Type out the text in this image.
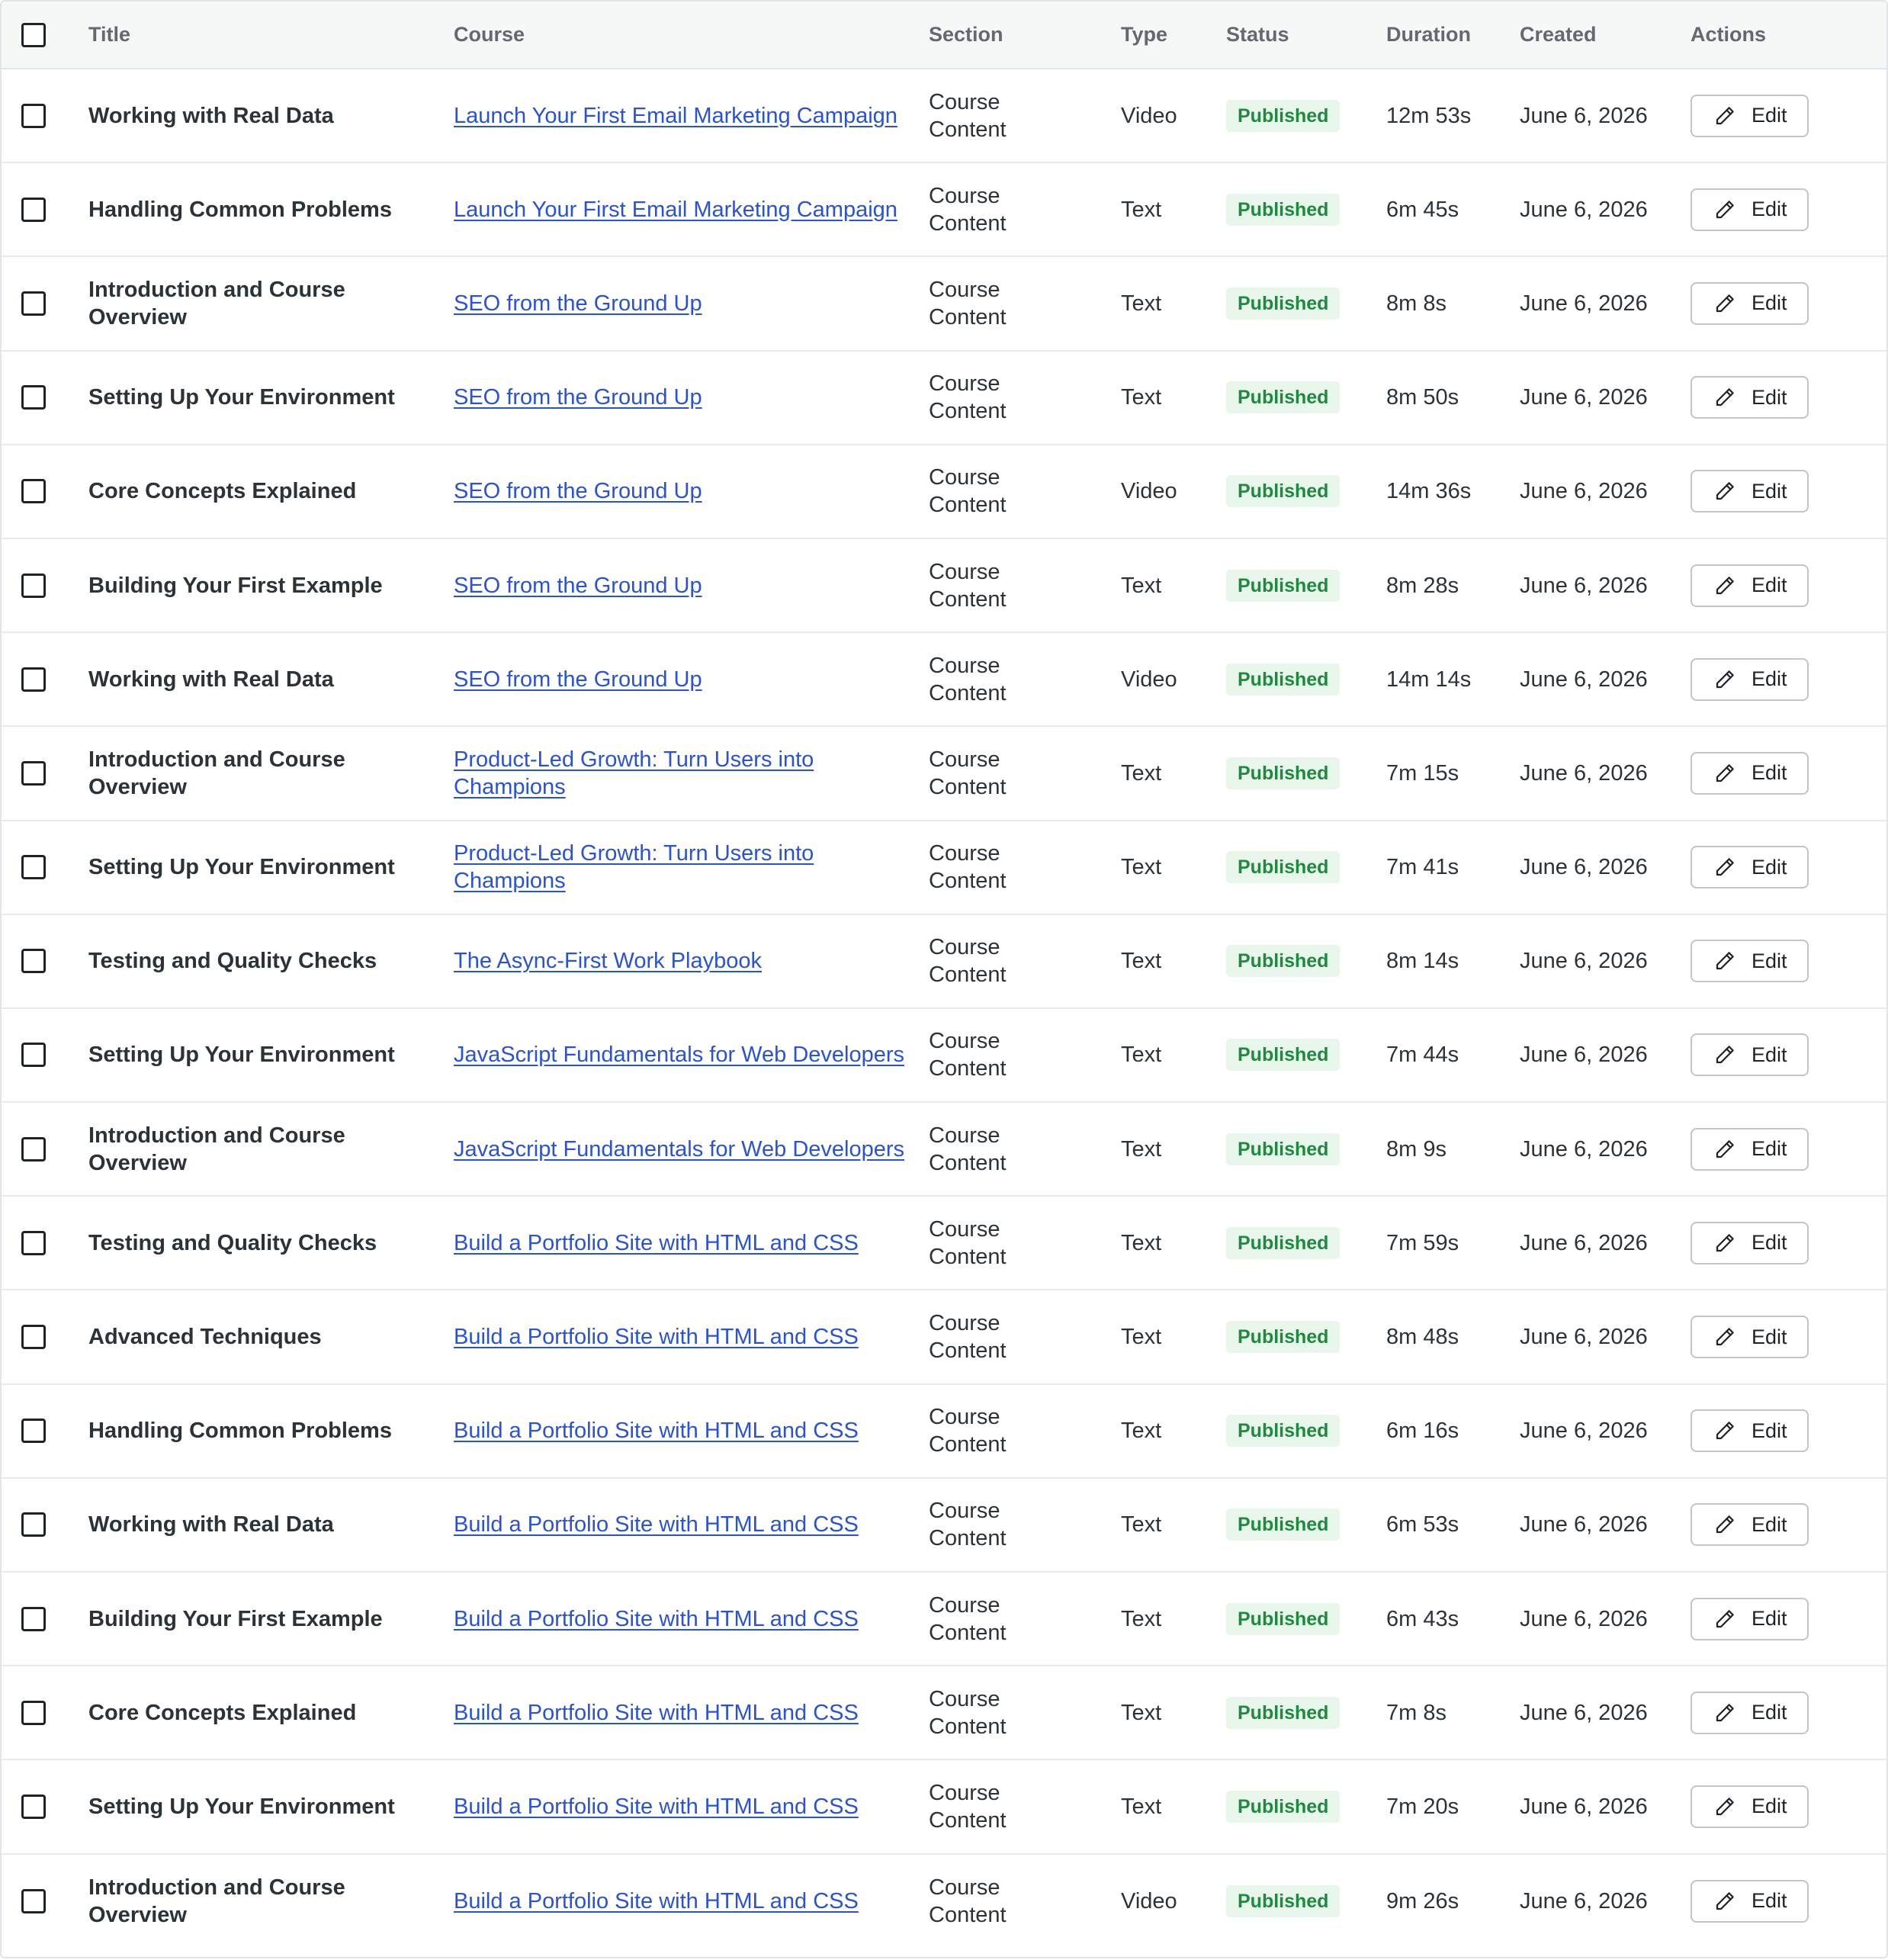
	Title	Course	Section	Type	Status	Duration	Created	Actions

	Working with Real Data	Launch Your First Email Marketing Campaign	Course Content	Video	Published	12m 53s	June 6, 2026	Edit

	Handling Common Problems	Launch Your First Email Marketing Campaign	Course Content	Text	Published	6m 45s	June 6, 2026	Edit

	Introduction and Course Overview	SEO from the Ground Up	Course Content	Text	Published	8m 8s	June 6, 2026	Edit

	Setting Up Your Environment	SEO from the Ground Up	Course Content	Text	Published	8m 50s	June 6, 2026	Edit

	Core Concepts Explained	SEO from the Ground Up	Course Content	Video	Published	14m 36s	June 6, 2026	Edit

	Building Your First Example	SEO from the Ground Up	Course Content	Text	Published	8m 28s	June 6, 2026	Edit

	Working with Real Data	SEO from the Ground Up	Course Content	Video	Published	14m 14s	June 6, 2026	Edit

	Introduction and Course Overview	Product-Led Growth: Turn Users into Champions	Course Content	Text	Published	7m 15s	June 6, 2026	Edit

	Setting Up Your Environment	Product-Led Growth: Turn Users into Champions	Course Content	Text	Published	7m 41s	June 6, 2026	Edit

	Testing and Quality Checks	The Async-First Work Playbook	Course Content	Text	Published	8m 14s	June 6, 2026	Edit

	Setting Up Your Environment	JavaScript Fundamentals for Web Developers	Course Content	Text	Published	7m 44s	June 6, 2026	Edit

	Introduction and Course Overview	JavaScript Fundamentals for Web Developers	Course Content	Text	Published	8m 9s	June 6, 2026	Edit

	Testing and Quality Checks	Build a Portfolio Site with HTML and CSS	Course Content	Text	Published	7m 59s	June 6, 2026	Edit

	Advanced Techniques	Build a Portfolio Site with HTML and CSS	Course Content	Text	Published	8m 48s	June 6, 2026	Edit

	Handling Common Problems	Build a Portfolio Site with HTML and CSS	Course Content	Text	Published	6m 16s	June 6, 2026	Edit

	Working with Real Data	Build a Portfolio Site with HTML and CSS	Course Content	Text	Published	6m 53s	June 6, 2026	Edit

	Building Your First Example	Build a Portfolio Site with HTML and CSS	Course Content	Text	Published	6m 43s	June 6, 2026	Edit

	Core Concepts Explained	Build a Portfolio Site with HTML and CSS	Course Content	Text	Published	7m 8s	June 6, 2026	Edit

	Setting Up Your Environment	Build a Portfolio Site with HTML and CSS	Course Content	Text	Published	7m 20s	June 6, 2026	Edit

	Introduction and Course Overview	Build a Portfolio Site with HTML and CSS	Course Content	Video	Published	9m 26s	June 6, 2026	Edit
